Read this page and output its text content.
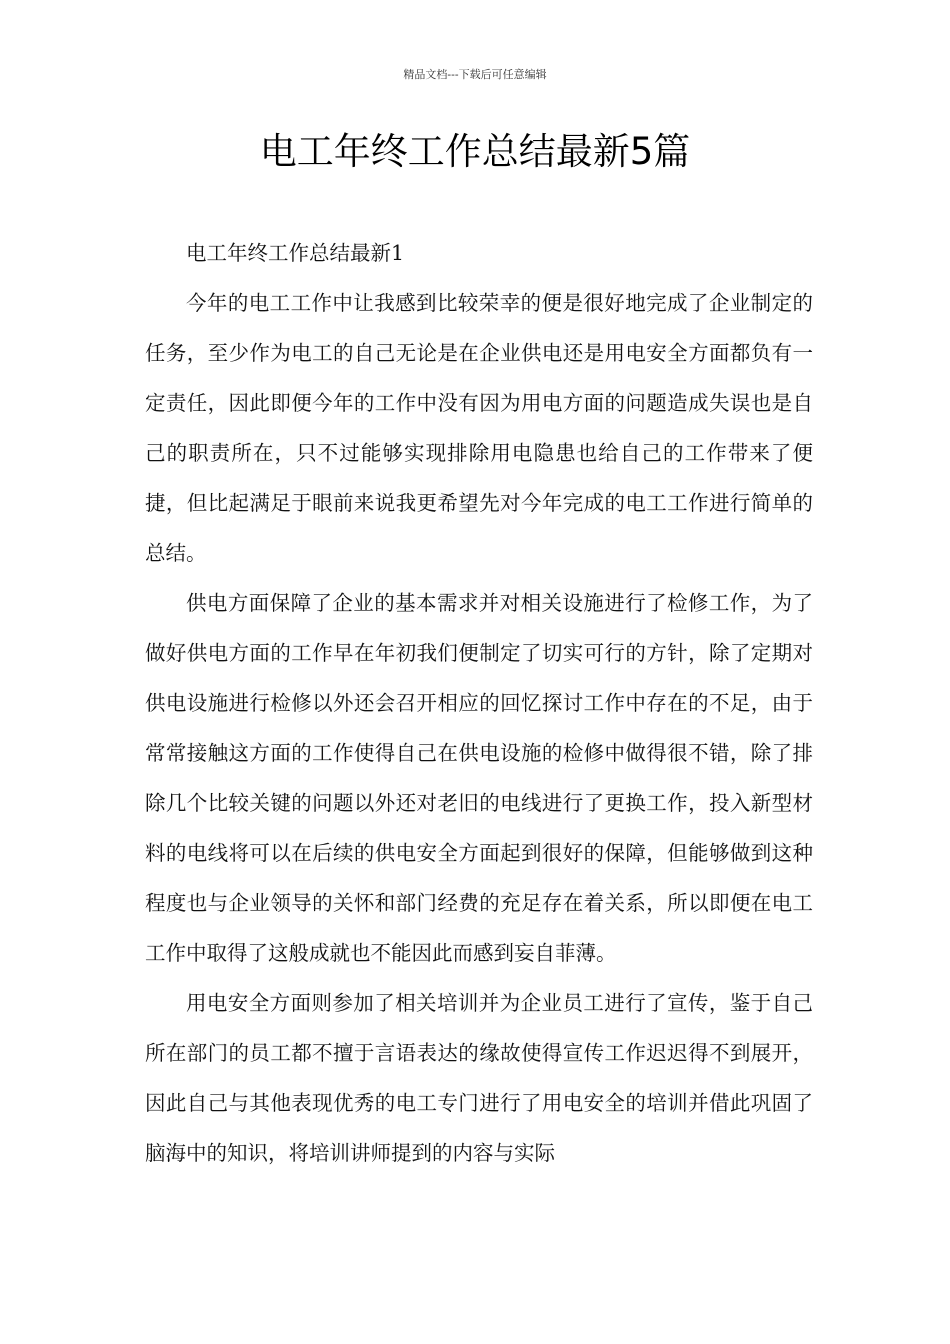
精品文档---下载后可任意编辑
电工年终工作总结最新5篇

电工年终工作总结最新1

今年的电工工作中让我感到比较荣幸的便是很好地完成了企业制定的任务，至少作为电工的自己无论是在企业供电还是用电安全方面都负有一定责任，因此即便今年的工作中没有因为用电方面的问题造成失误也是自己的职责所在，只不过能够实现排除用电隐患也给自己的工作带来了便捷，但比起满足于眼前来说我更希望先对今年完成的电工工作进行简单的总结。

供电方面保障了企业的基本需求并对相关设施进行了检修工作，为了做好供电方面的工作早在年初我们便制定了切实可行的方针，除了定期对供电设施进行检修以外还会召开相应的回忆探讨工作中存在的不足，由于常常接触这方面的工作使得自己在供电设施的检修中做得很不错，除了排除几个比较关键的问题以外还对老旧的电线进行了更换工作，投入新型材料的电线将可以在后续的供电安全方面起到很好的保障，但能够做到这种程度也与企业领导的关怀和部门经费的充足存在着关系，所以即便在电工工作中取得了这般成就也不能因此而感到妄自菲薄。

用电安全方面则参加了相关培训并为企业员工进行了宣传，鉴于自己所在部门的员工都不擅于言语表达的缘故使得宣传工作迟迟得不到展开，因此自己与其他表现优秀的电工专门进行了用电安全的培训并借此巩固了脑海中的知识，将培训讲师提到的内容与实际
